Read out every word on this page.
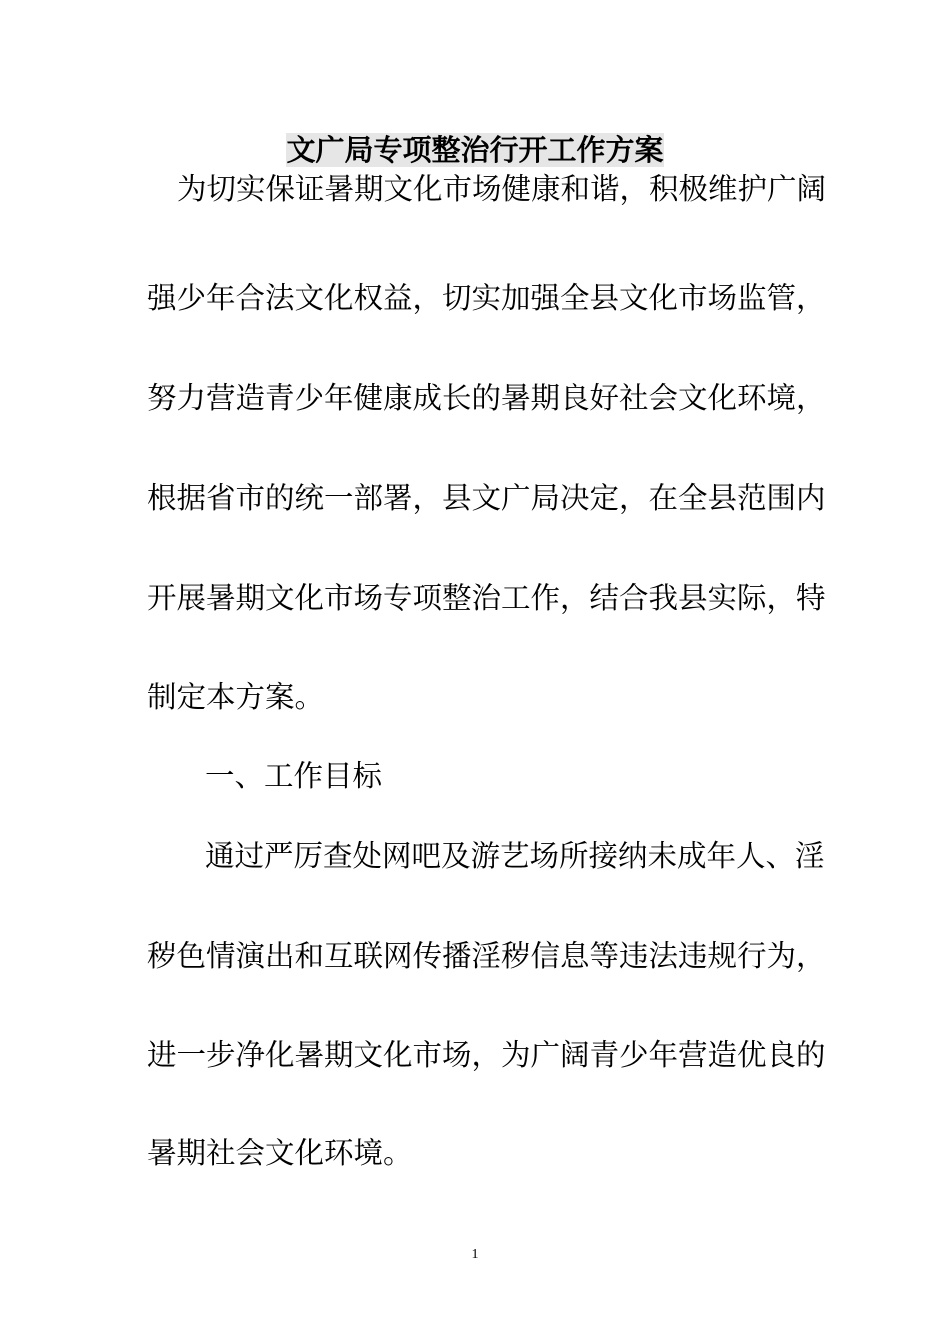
文广局专项整治行开工作方案
为切实保证暑期文化市场健康和谐，积极维护广阔
强少年合法文化权益，切实加强全县文化市场监管，
努力营造青少年健康成长的暑期良好社会文化环境，
根据省市的统一部署，县文广局决定，在全县范围内
开展暑期文化市场专项整治工作，结合我县实际，特
制定本方案。
一、工作目标
通过严厉查处网吧及游艺场所接纳未成年人、淫
秽色情演出和互联网传播淫秽信息等违法违规行为，
进一步净化暑期文化市场，为广阔青少年营造优良的
暑期社会文化环境。
1
